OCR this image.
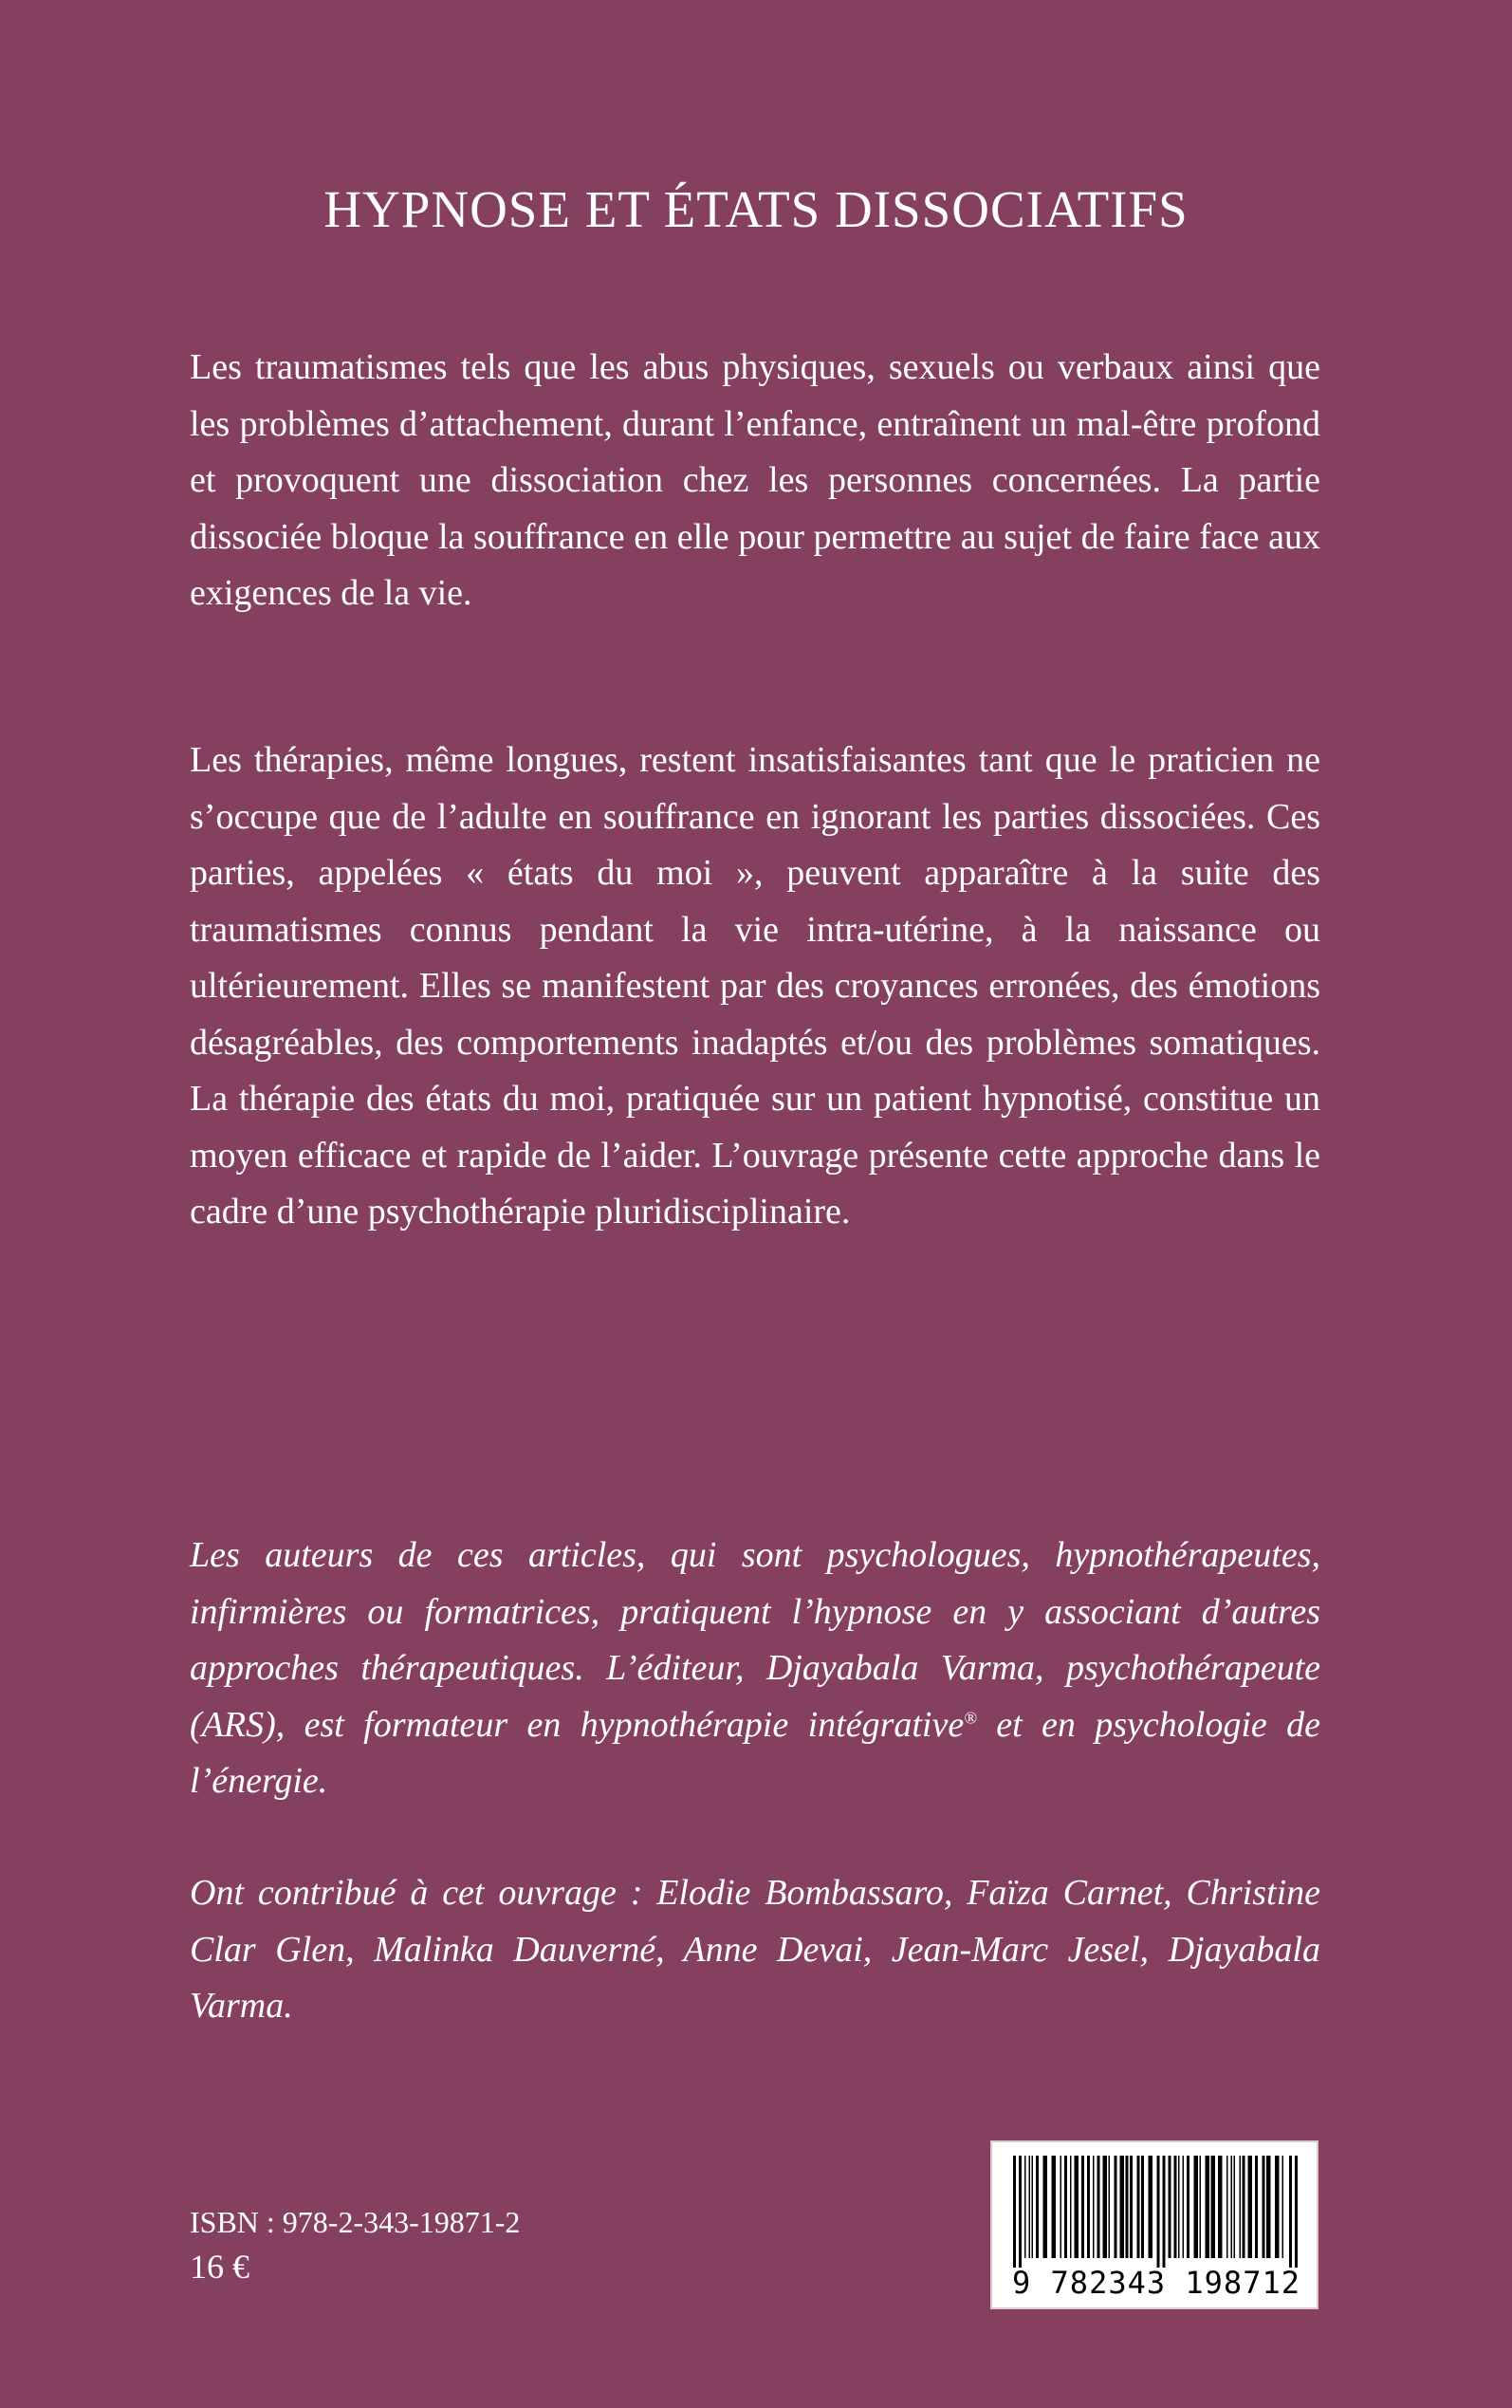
HYPNOSE ET ÉTATS DISSOCIATIFS

Les traumatismes tels que les abus physiques, sexuels ou verbaux ainsi que les problèmes d’attachement, durant l’enfance, entraînent un mal-être profond et provoquent une dissociation chez les personnes concernées. La partie dissociée bloque la souffrance en elle pour permettre au sujet de faire face aux exigences de la vie.

Les thérapies, même longues, restent insatisfaisantes tant que le praticien ne s’occupe que de l’adulte en souffrance en ignorant les parties dissociées. Ces parties, appelées « états du moi », peuvent apparaître à la suite des traumatismes connus pendant la vie intra-utérine, à la naissance ou ultérieurement. Elles se manifestent par des croyances erronées, des émotions désagréables, des comportements inadaptés et/ou des problèmes somatiques. La thérapie des états du moi, pratiquée sur un patient hypnotisé, constitue un moyen efficace et rapide de l’aider. L’ouvrage présente cette approche dans le cadre d’une psychothérapie pluridisciplinaire.

Les auteurs de ces articles, qui sont psychologues, hypnothérapeutes, infirmières ou formatrices, pratiquent l’hypnose en y associant d’autres approches thérapeutiques. L’éditeur, Djayabala Varma, psychothérapeute (ARS), est formateur en hypnothérapie intégrative® et en psychologie de l’énergie.

Ont contribué à cet ouvrage : Elodie Bombassaro, Faïza Carnet, Christine Clar Glen, Malinka Dauverné, Anne Devai, Jean-Marc Jesel, Djayabala Varma.

ISBN : 978-2-343-19871-2

16 €	9 782343 198712
